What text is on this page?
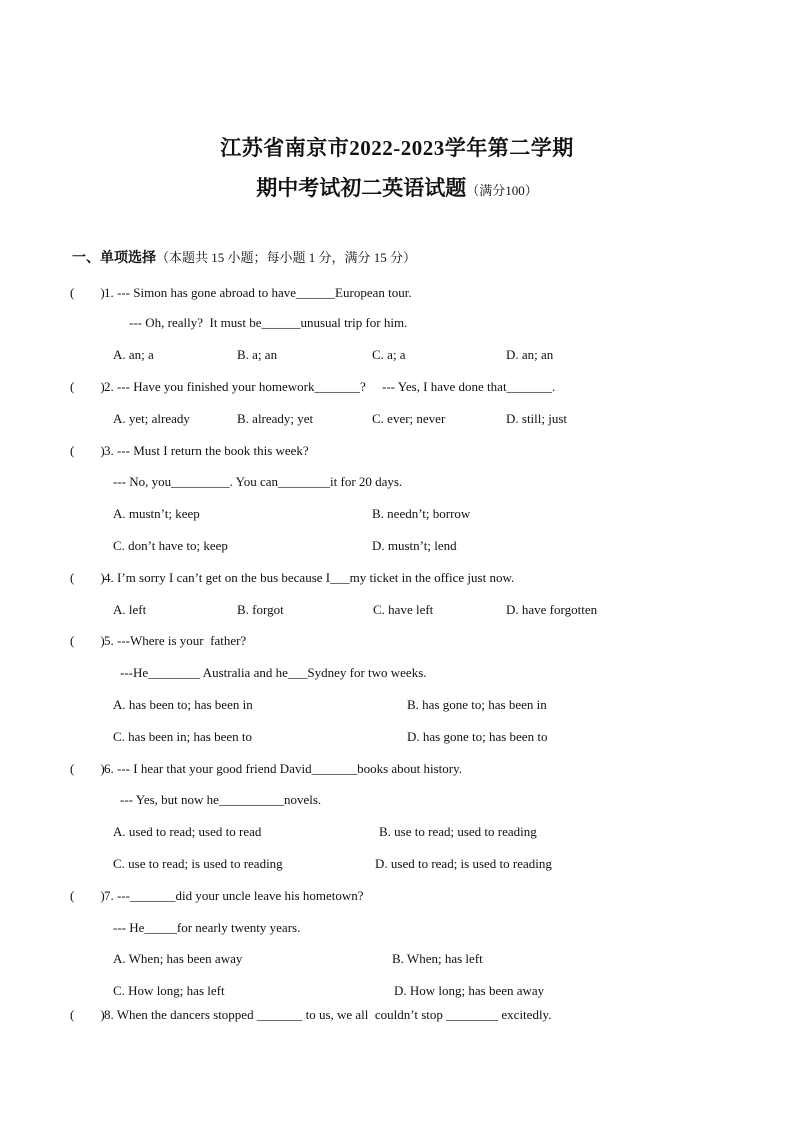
江苏省南京市2022-2023学年第二学期
期中考试初二英语试题（满分100）
一、单项选择（本题共 15 小题；每小题 1 分，满分 15 分）
(        ) 1. --- Simon has gone abroad to have______European tour.
--- Oh, really?  It must be______unusual trip for him.
A. an; a	B. a; an	C. a; a	D. an; an
(        ) 2. --- Have you finished your homework_______?     --- Yes, I have done that_______.
A. yet; already	B. already; yet	C. ever; never	D. still; just
(        ) 3. --- Must I return the book this week?
--- No, you_________. You can________it for 20 days.
A. mustn’t; keep	B. needn’t; borrow
C. don’t have to; keep	D. mustn’t; lend
(        ) 4. I’m sorry I can’t get on the bus because I___my ticket in the office just now.
A. left	B. forgot	C. have left	D. have forgotten
(        ) 5. ---Where is your  father?
---He________ Australia and he___Sydney for two weeks.
A. has been to; has been in	B. has gone to; has been in
C. has been in; has been to	D. has gone to; has been to
(        ) 6. --- I hear that your good friend David_______books about history.
--- Yes, but now he__________novels.
A. used to read; used to read	B. use to read; used to reading
C. use to read; is used to reading	D. used to read; is used to reading
(        ) 7. ---_______did your uncle leave his hometown?
--- He_____for nearly twenty years.
A. When; has been away	B. When; has left
C. How long; has left	D. How long; has been away
(        ) 8. When the dancers stopped _______ to us, we all  couldn’t stop ________ excitedly.
